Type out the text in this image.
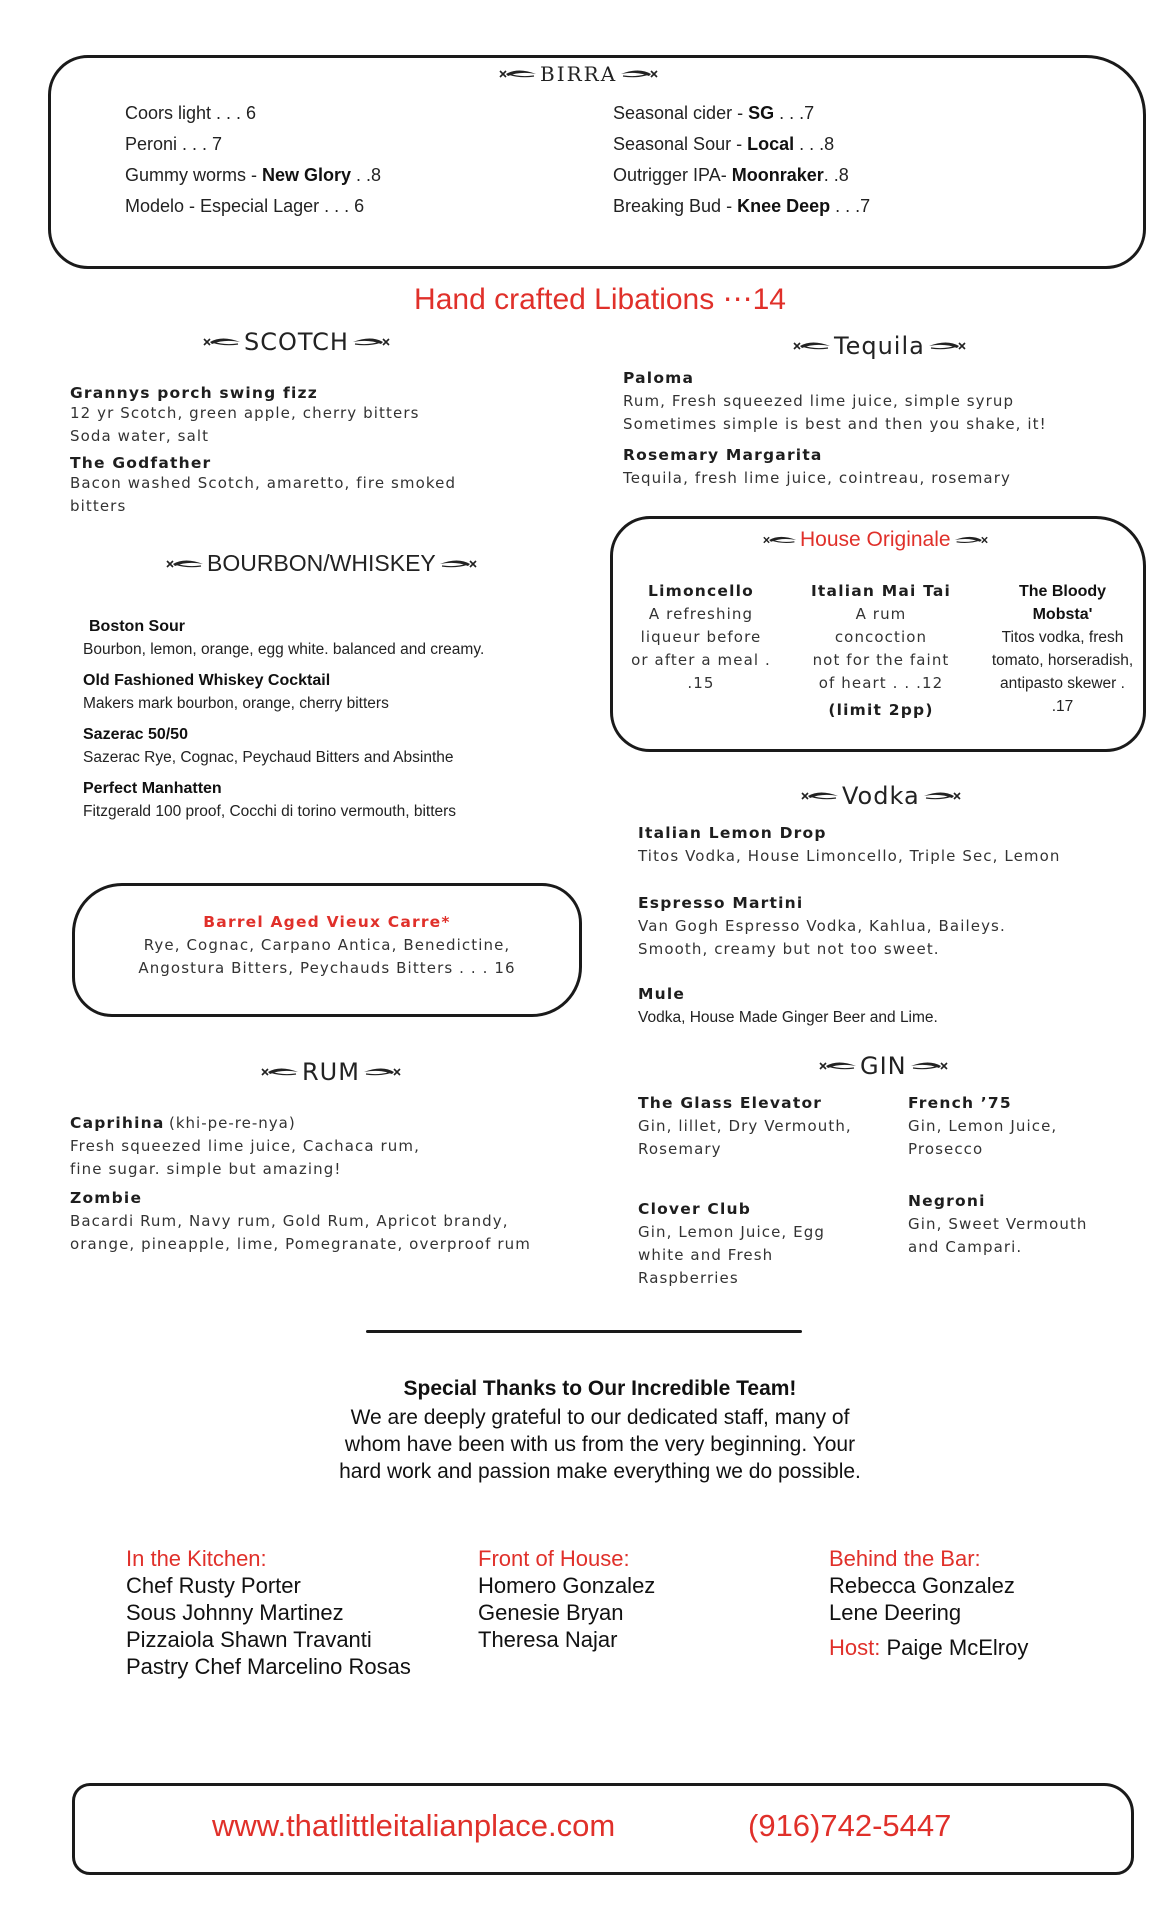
BIRRA
Coors light . . . 6
Peroni . . . 7
Gummy worms - New Glory . .8
Modelo - Especial Lager . . . 6
Seasonal cider - SG . . .7
Seasonal Sour - Local . . .8
Outrigger IPA- Moonraker. .8
Breaking Bud - Knee Deep . . .7
Hand crafted Libations ⋯14
SCOTCH
Grannys porch swing fizz
12 yr Scotch, green apple, cherry bitters
Soda water, salt
The Godfather
Bacon washed Scotch, amaretto, fire smoked
bitters
BOURBON/WHISKEY
Boston Sour
Bourbon, lemon, orange, egg white. balanced and creamy.
Old Fashioned Whiskey Cocktail
Makers mark bourbon, orange, cherry bitters
Sazerac 50/50
Sazerac Rye, Cognac, Peychaud Bitters and Absinthe
Perfect Manhatten
Fitzgerald 100 proof, Cocchi di torino vermouth, bitters
Barrel Aged Vieux Carre*
Rye, Cognac, Carpano Antica, Benedictine,
Angostura Bitters, Peychauds Bitters . . . 16
RUM
Caprihina (khi-pe-re-nya)
Fresh squeezed lime juice, Cachaca rum,
fine sugar. simple but amazing!
Zombie
Bacardi Rum, Navy rum, Gold Rum, Apricot brandy,
orange, pineapple, lime, Pomegranate, overproof rum
Tequila
Paloma
Rum, Fresh squeezed lime juice, simple syrup
Sometimes simple is best and then you shake, it!
Rosemary Margarita
Tequila, fresh lime juice, cointreau, rosemary
House Originale
Limoncello
A refreshing
liqueur before
or after a meal .
.15
Italian Mai Tai
A rum
concoction
not for the faint
of heart . . .12
(limit 2pp)
The Bloody
Mobsta'
Titos vodka, fresh
tomato, horseradish,
antipasto skewer .
.17
Vodka
Italian Lemon Drop
Titos Vodka, House Limoncello, Triple Sec, Lemon
Espresso Martini
Van Gogh Espresso Vodka, Kahlua, Baileys.
Smooth, creamy but not too sweet.
Mule
Vodka, House Made Ginger Beer and Lime.
GIN
The Glass Elevator
Gin, lillet, Dry Vermouth,
Rosemary
French ’75
Gin, Lemon Juice,
Prosecco
Clover Club
Gin, Lemon Juice, Egg
white and Fresh
Raspberries
Negroni
Gin, Sweet Vermouth
and Campari.
Special Thanks to Our Incredible Team!
We are deeply grateful to our dedicated staff, many of
whom have been with us from the very beginning. Your
hard work and passion make everything we do possible.
In the Kitchen:
Chef Rusty Porter
Sous Johnny Martinez
Pizzaiola Shawn Travanti
Pastry Chef Marcelino Rosas
Front of House:
Homero Gonzalez
Genesie Bryan
Theresa Najar
Behind the Bar:
Rebecca Gonzalez
Lene Deering
Host: Paige McElroy
www.thatlittleitalianplace.com	(916)742-5447
